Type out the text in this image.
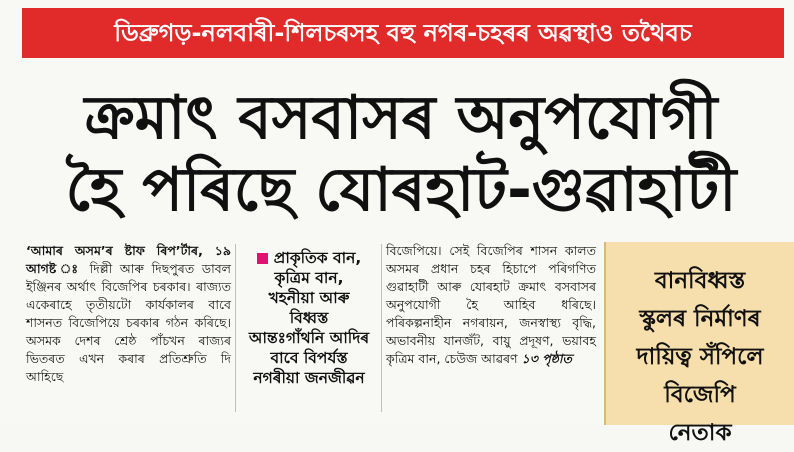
ডিব্ৰুগড়-নলবাৰী-শিলচৰসহ বহু নগৰ-চহৰৰ অৱস্থাও তথৈবচ
ক্ৰমাৎ বসবাসৰ অনুপযোগী
হৈ পৰিছে যোৰহাট-গুৱাহাটী
‘আমাৰ অসম’ৰ ষ্টাফ ৰিপ’ৰ্টাৰ, ১৯ আগষ্ট ঃ দিল্লী আৰু দিছপুৰত ডাবল ইঞ্জিনৰ অৰ্থাৎ বিজেপিৰ চৰকাৰ। ৰাজ্যত একেৰাহে তৃতীয়টো কাৰ্যকালৰ বাবে শাসনত বিজেপিয়ে চৰকাৰ গঠন কৰিছে। অসমক দেশৰ শ্ৰেষ্ঠ পাঁচখন ৰাজ্যৰ ভিতৰত এখন কৰাৰ প্ৰতিশ্ৰুতি দি আহিছে
প্ৰাকৃতিক বান,
কৃত্ৰিম বান,
খহনীয়া আৰু
বিধ্বস্ত
আন্তঃগাঁথনি আদিৰ
বাবে বিপৰ্যস্ত
নগৰীয়া জনজীৱন
বিজেপিয়ে। সেই বিজেপিৰ শাসন কালত অসমৰ প্ৰধান চহৰ হিচাপে পৰিগণিত গুৱাহাটী আৰু যোৰহাট ক্ৰমাৎ বসবাসৰ অনুপযোগী হৈ আহিব ধৰিছে। পৰিকল্পনাহীন নগৰায়ন, জনস্বাস্থ্য বৃদ্ধি, অভাবনীয় যানজঁট, বায়ু প্ৰদূষণ, ভয়াবহ কৃত্ৰিম বান, চেউজ আৱৰণ ১৩ পৃষ্ঠাত
বানবিধ্বস্ত
স্কুলৰ নিৰ্মাণৰ
দায়িত্ব সঁপিলে
বিজেপি
নেতাক
